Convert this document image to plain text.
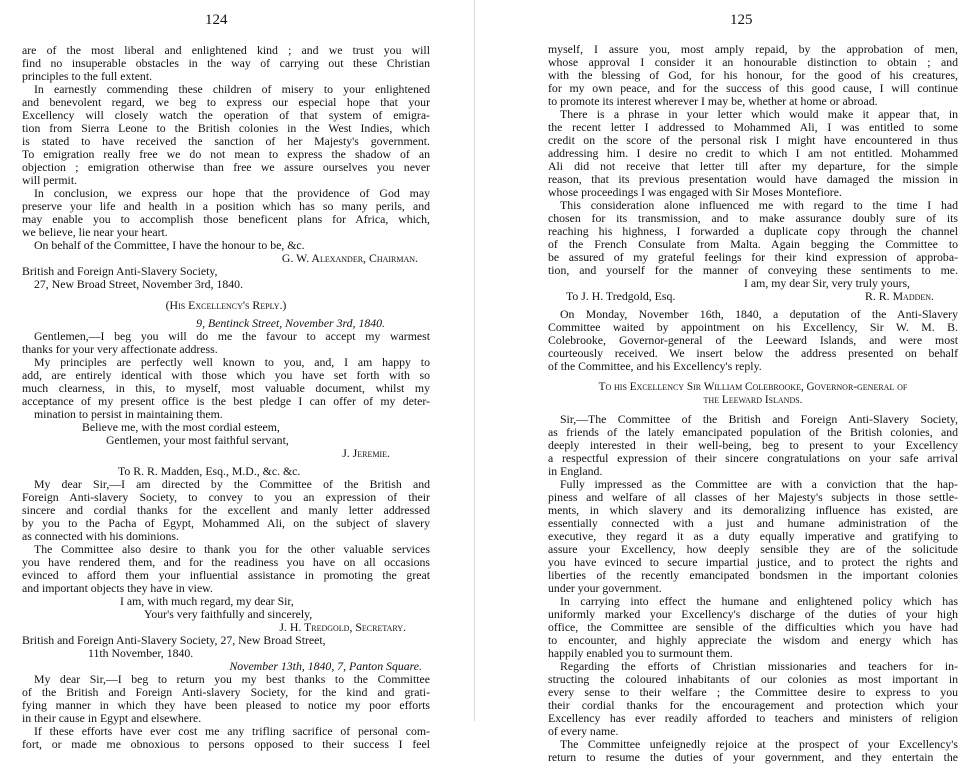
124
are of the most liberal and enlightened kind ; and we trust you will
find no insuperable obstacles in the way of carrying out these Christian
principles to the full extent.
In earnestly commending these children of misery to your enlightened
and benevolent regard, we beg to express our especial hope that your
Excellency will closely watch the operation of that system of emigra-
tion from Sierra Leone to the British colonies in the West Indies, which
is stated to have received the sanction of her Majesty's government.
To emigration really free we do not mean to express the shadow of an
objection ; emigration otherwise than free we assure ourselves you never
will permit.
In conclusion, we express our hope that the providence of God may
preserve your life and health in a position which has so many perils, and
may enable you to accomplish those beneficent plans for Africa, which,
we believe, lie near your heart.
On behalf of the Committee, I have the honour to be, &c.
G. W. Alexander, Chairman.
British and Foreign Anti-Slavery Society,
27, New Broad Street, November 3rd, 1840.
(His Excellency's Reply.)
9, Bentinck Street, November 3rd, 1840.
Gentlemen,—I beg you will do me the favour to accept my warmest
thanks for your very affectionate address.
My principles are perfectly well known to you, and, I am happy to
add, are entirely identical with those which you have set forth with so
much clearness, in this, to myself, most valuable document, whilst my
acceptance of my present office is the best pledge I can offer of my deter-
mination to persist in maintaining them.
Believe me, with the most cordial esteem,
Gentlemen, your most faithful servant,
J. Jeremie.
To R. R. Madden, Esq., M.D., &c. &c.
My dear Sir,—I am directed by the Committee of the British and
Foreign Anti-slavery Society, to convey to you an expression of their
sincere and cordial thanks for the excellent and manly letter addressed
by you to the Pacha of Egypt, Mohammed Ali, on the subject of slavery
as connected with his dominions.
The Committee also desire to thank you for the other valuable services
you have rendered them, and for the readiness you have on all occasions
evinced to afford them your influential assistance in promoting the great
and important objects they have in view.
I am, with much regard, my dear Sir,
Your's very faithfully and sincerely,
J. H. Tredgold, Secretary.
British and Foreign Anti-Slavery Society, 27, New Broad Street,
11th November, 1840.
November 13th, 1840, 7, Panton Square.
My dear Sir,—I beg to return you my best thanks to the Committee
of the British and Foreign Anti-slavery Society, for the kind and grati-
fying manner in which they have been pleased to notice my poor efforts
in their cause in Egypt and elsewhere.
If these efforts have ever cost me any trifling sacrifice of personal com-
fort, or made me obnoxious to persons opposed to their success I feel
125
myself, I assure you, most amply repaid, by the approbation of men,
whose approval I consider it an honourable distinction to obtain ; and
with the blessing of God, for his honour, for the good of his creatures,
for my own peace, and for the success of this good cause, I will continue
to promote its interest wherever I may be, whether at home or abroad.
There is a phrase in your letter which would make it appear that, in
the recent letter I addressed to Mohammed Ali, I was entitled to some
credit on the score of the personal risk I might have encountered in thus
addressing him. I desire no credit to which I am not entitled. Mohammed
Ali did not receive that letter till after my departure, for the simple
reason, that its previous presentation would have damaged the mission in
whose proceedings I was engaged with Sir Moses Montefiore.
This consideration alone influenced me with regard to the time I had
chosen for its transmission, and to make assurance doubly sure of its
reaching his highness, I forwarded a duplicate copy through the channel
of the French Consulate from Malta. Again begging the Committee to
be assured of my grateful feelings for their kind expression of approba-
tion, and yourself for the manner of conveying these sentiments to me.
I am, my dear Sir, very truly yours,
To J. H. Tredgold, Esq.	R. R. Madden.
On Monday, November 16th, 1840, a deputation of the Anti-Slavery
Committee waited by appointment on his Excellency, Sir W. M. B.
Colebrooke, Governor-general of the Leeward Islands, and were most
courteously received. We insert below the address presented on behalf
of the Committee, and his Excellency's reply.
To his Excellency Sir William Colebrooke, Governor-general of
the Leeward Islands.
Sir,—The Committee of the British and Foreign Anti-Slavery Society,
as friends of the lately emancipated population of the British colonies, and
deeply interested in their well-being, beg to present to your Excellency
a respectful expression of their sincere congratulations on your safe arrival
in England.
Fully impressed as the Committee are with a conviction that the hap-
piness and welfare of all classes of her Majesty's subjects in those settle-
ments, in which slavery and its demoralizing influence has existed, are
essentially connected with a just and humane administration of the
executive, they regard it as a duty equally imperative and gratifying to
assure your Excellency, how deeply sensible they are of the solicitude
you have evinced to secure impartial justice, and to protect the rights and
liberties of the recently emancipated bondsmen in the important colonies
under your government.
In carrying into effect the humane and enlightened policy which has
uniformly marked your Excellency's discharge of the duties of your high
office, the Committee are sensible of the difficulties which you have had
to encounter, and highly appreciate the wisdom and energy which has
happily enabled you to surmount them.
Regarding the efforts of Christian missionaries and teachers for in-
structing the coloured inhabitants of our colonies as most important in
every sense to their welfare ; the Committee desire to express to you
their cordial thanks for the encouragement and protection which your
Excellency has ever readily afforded to teachers and ministers of religion
of every name.
The Committee unfeignedly rejoice at the prospect of your Excellency's
return to resume the duties of your government, and they entertain the
